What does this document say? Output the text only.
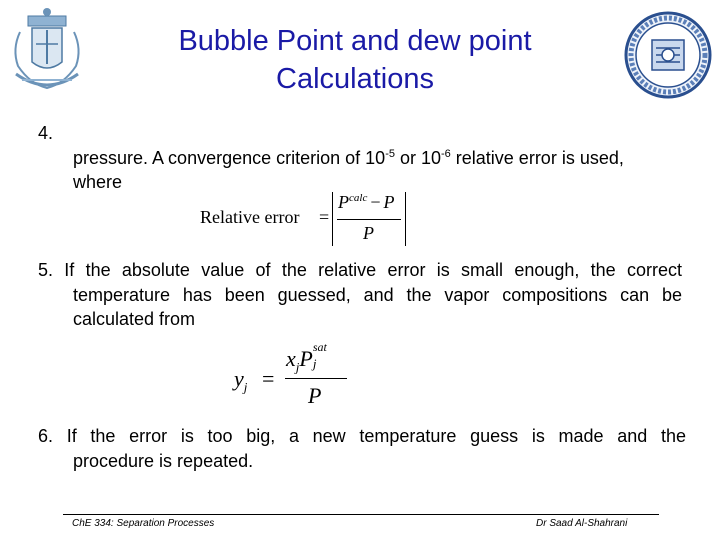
Bubble Point and dew point
Calculations
4.
pressure. A convergence criterion of $10^{-5}$ or $10^{-6}$ relative error is used,
where
Relative error =
$P^{calc} - P$
P
5. If the absolute value of the relative error is small enough, the correct
temperature has been guessed, and the vapor compositions can be
calculated from
$y_j$ =
$x_jP$ sat
j
P
6. If the error is too big, a new temperature guess is made and the
procedure is repeated.
ChE 334: Separation Processes	Dr Saad Al-Shahrani
